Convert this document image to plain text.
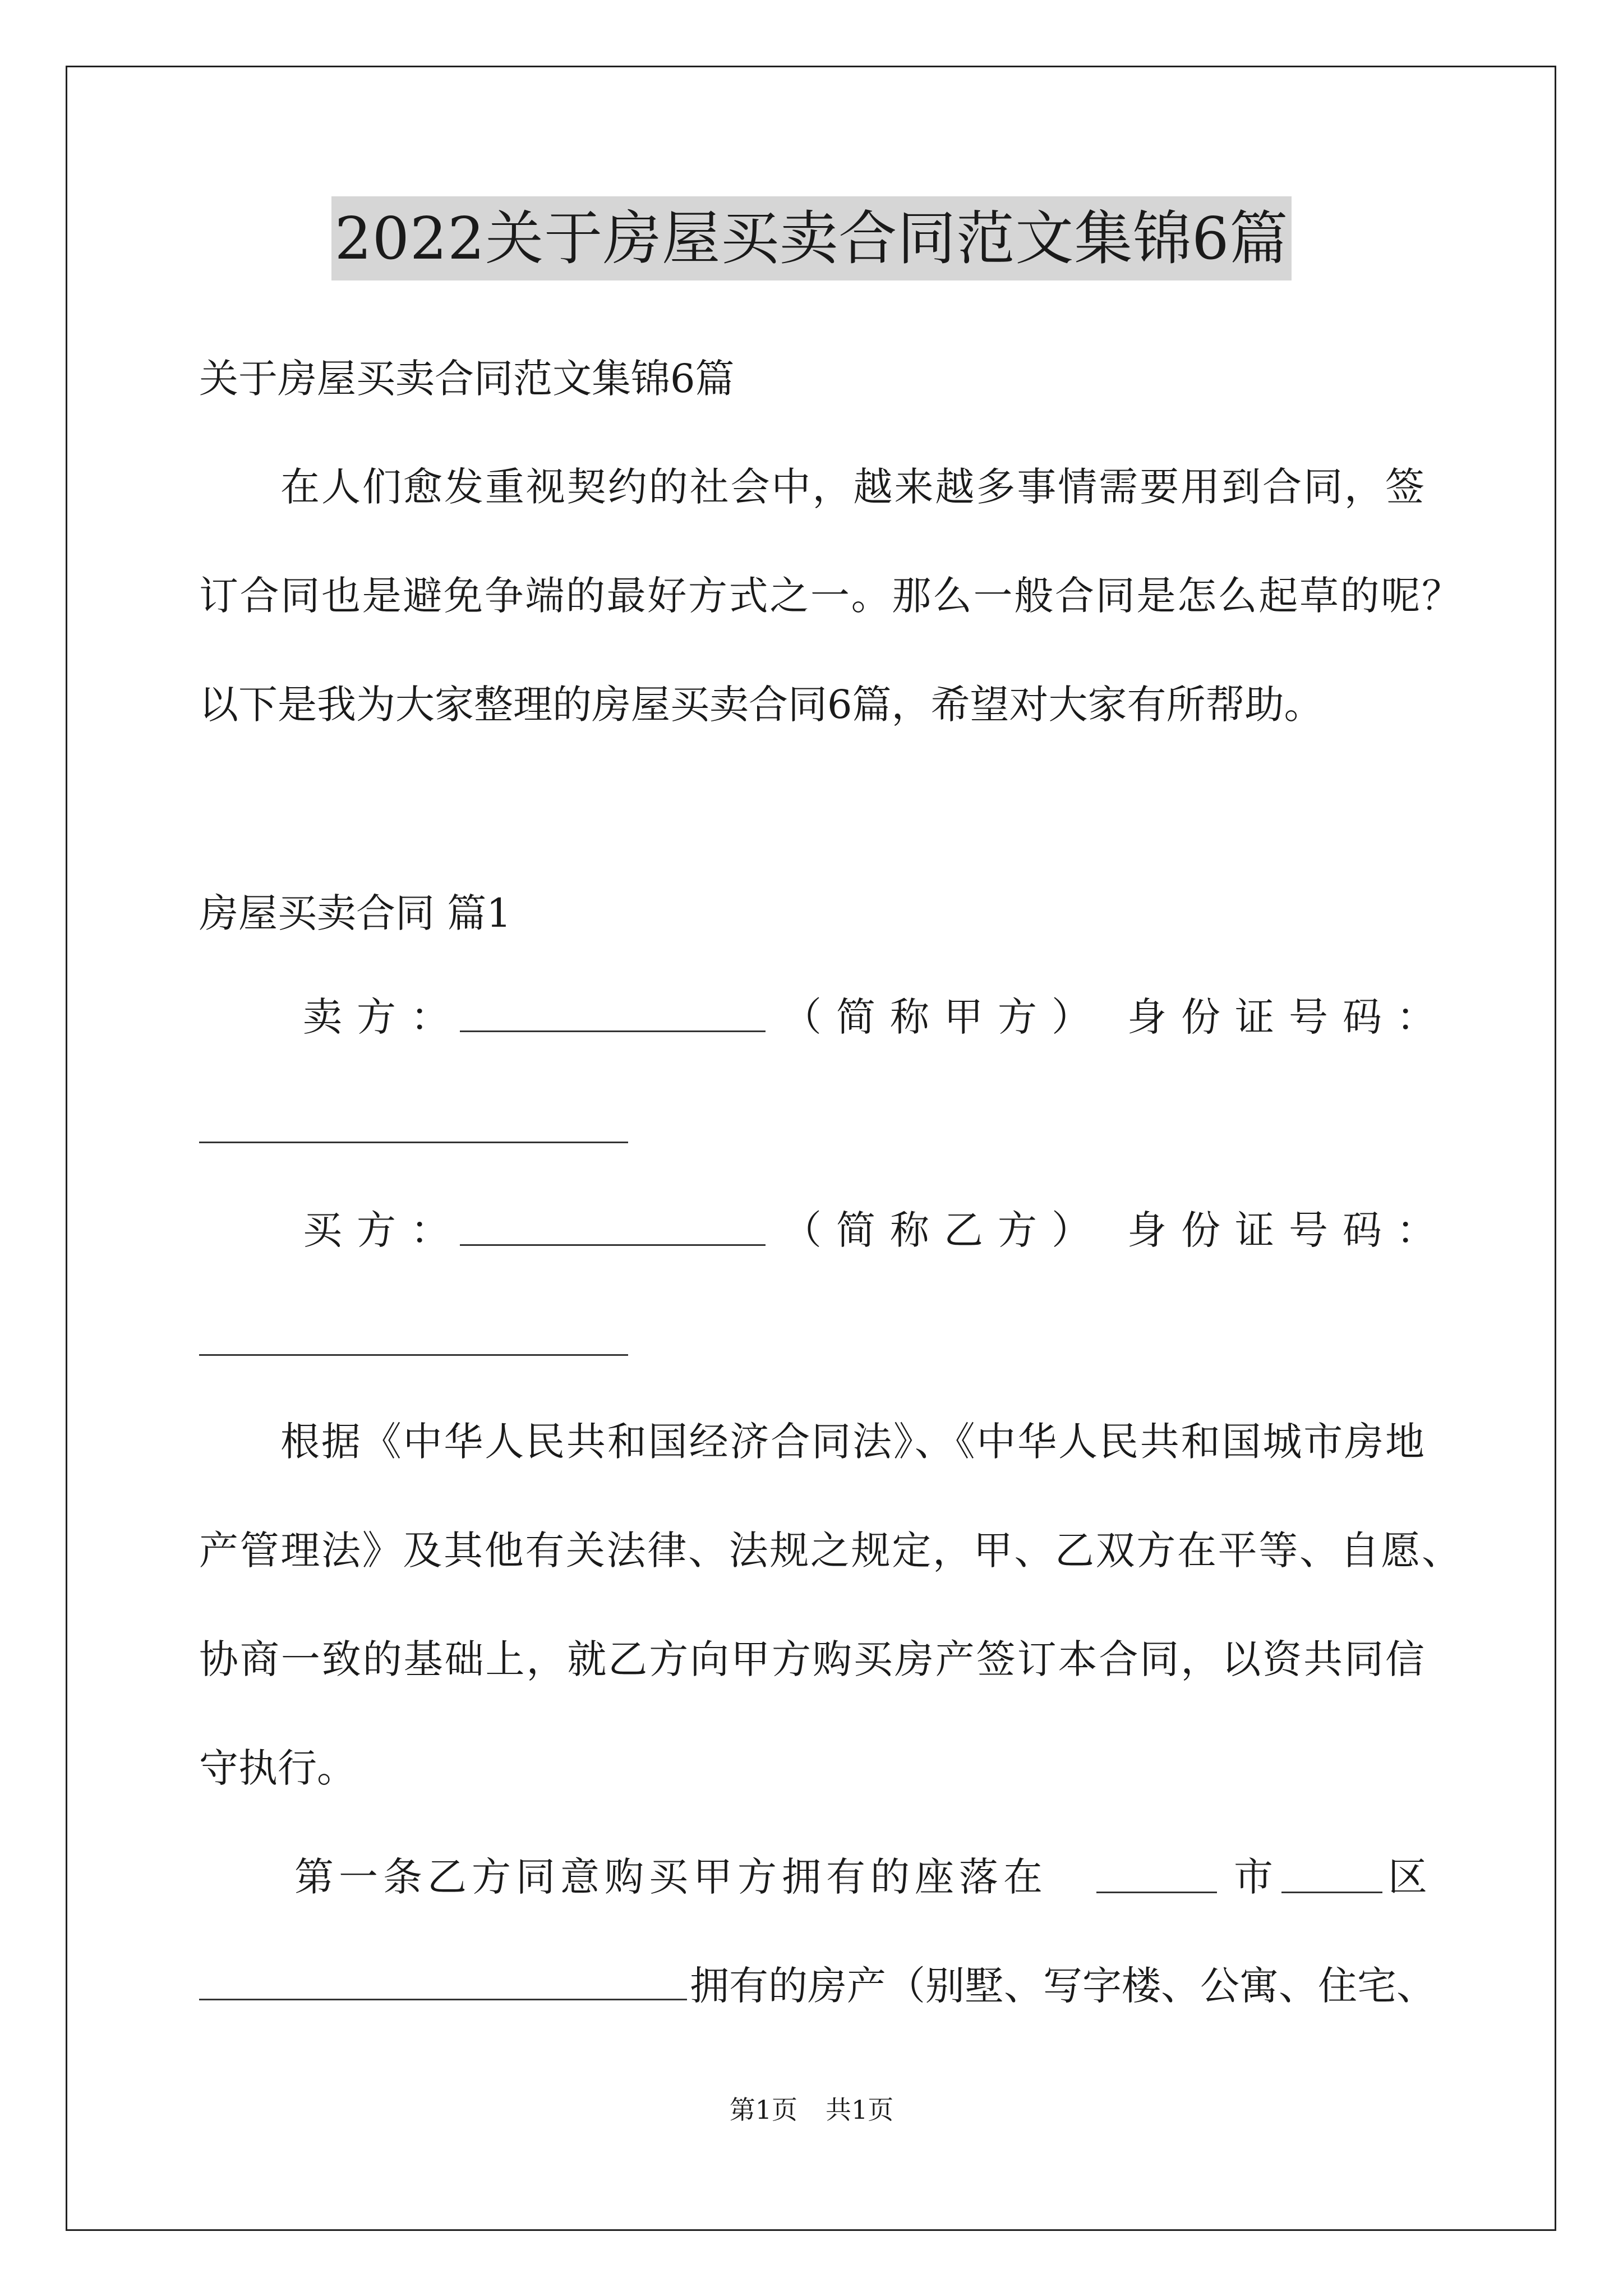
2022关于房屋买卖合同范文集锦6篇
关于房屋买卖合同范文集锦6篇
在人们愈发重视契约的社会中，越来越多事情需要用到合同，签
订合同也是避免争端的最好方式之一。那么一般合同是怎么起草的呢？
以下是我为大家整理的房屋买卖合同6篇，希望对大家有所帮助。
房屋买卖合同 篇1
卖方：	（简称甲方） 身份证号码：
买方：	（简称乙方） 身份证号码：
根据《中华人民共和国经济合同法》、《中华人民共和国城市房地
产管理法》及其他有关法律、法规之规定，甲、乙双方在平等、自愿、
协商一致的基础上，就乙方向甲方购买房产签订本合同，以资共同信
守执行。
第一条乙方同意购买甲方拥有的座落在	市	区
拥有的房产（别墅、写字楼、公寓、住宅、
第1页 共1页
